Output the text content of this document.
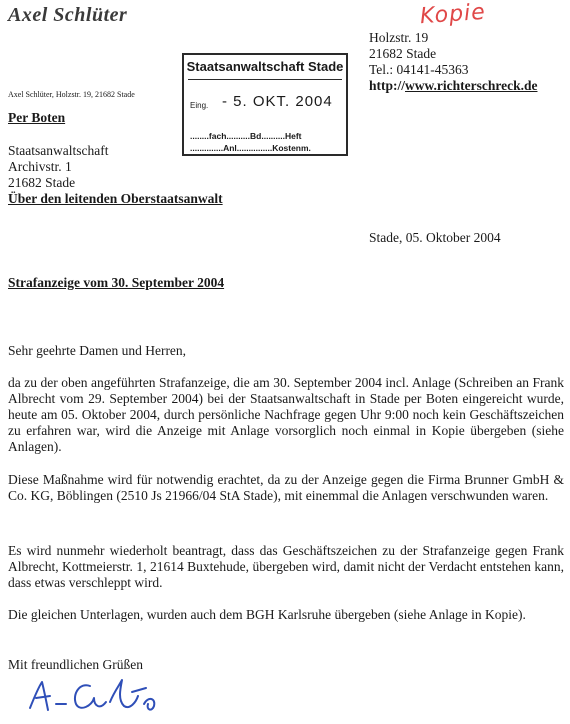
Axel Schlüter	Kopie
Holzstr. 19
21682 Stade
Tel.: 04141-45363
http://www.richterschreck.de
Staatsanwaltschaft Stade
Eing. - 5. OKT. 2004
........fach..........Bd..........Heft
..............Anl...............Kostenm.
Axel Schlüter, Holzstr. 19, 21682 Stade
Per Boten
Staatsanwaltschaft
Archivstr. 1
21682 Stade
Über den leitenden Oberstaatsanwalt
Stade, 05. Oktober 2004
Strafanzeige vom 30. September 2004
Sehr geehrte Damen und Herren,
da zu der oben angeführten Strafanzeige, die am 30. September 2004 incl. Anlage (Schreiben an Frank Albrecht vom 29. September 2004) bei der Staatsanwaltschaft in Stade per Boten eingereicht wurde, heute am 05. Oktober 2004, durch persönliche Nachfrage gegen Uhr 9:00 noch kein Geschäftszeichen zu erfahren war, wird die Anzeige mit Anlage vorsorglich noch einmal in Kopie übergeben (siehe Anlagen).
Diese Maßnahme wird für notwendig erachtet, da zu der Anzeige gegen die Firma Brunner GmbH & Co. KG, Böblingen (2510 Js 21966/04 StA Stade), mit einemmal die Anlagen verschwunden waren.
Es wird nunmehr wiederholt beantragt, dass das Geschäftszeichen zu der Strafanzeige gegen Frank Albrecht, Kottmeierstr. 1, 21614 Buxtehude, übergeben wird, damit nicht der Verdacht entstehen kann, dass etwas verschleppt wird.
Die gleichen Unterlagen, wurden auch dem BGH Karlsruhe übergeben (siehe Anlage in Kopie).
Mit freundlichen Grüßen
